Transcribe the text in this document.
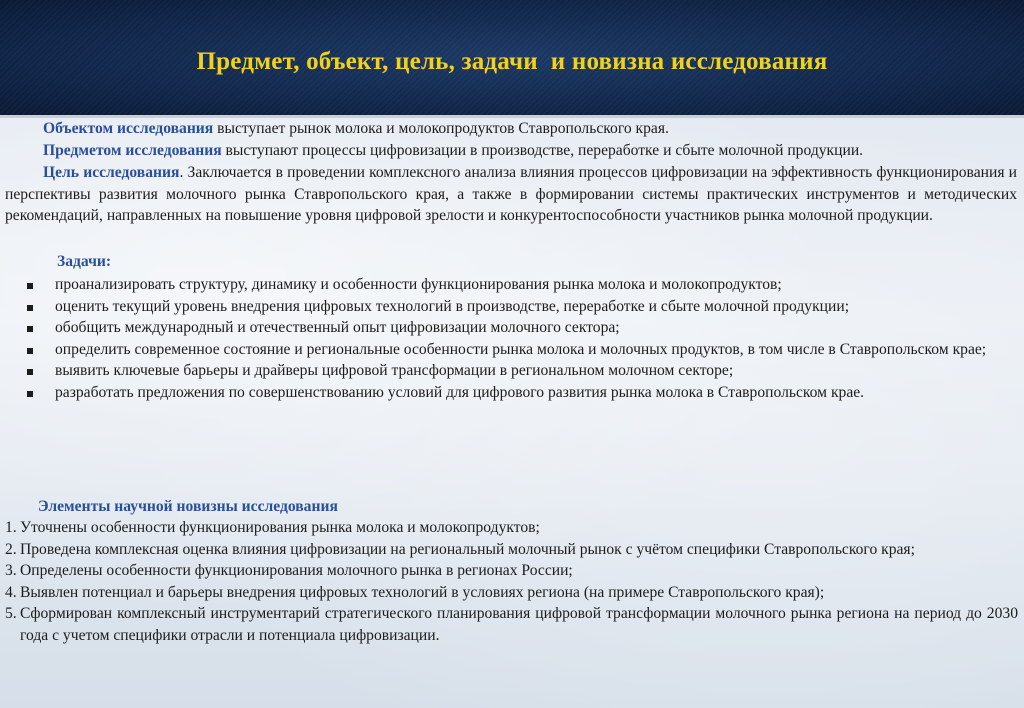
Предмет, объект, цель, задачи  и новизна исследования
Объектом исследования выступает рынок молока и молокопродуктов Ставропольского края.
Предметом исследования выступают процессы цифровизации в производстве, переработке и сбыте молочной продукции.
Цель исследования. Заключается в проведении комплексного анализа влияния процессов цифровизации на эффективность функционирования и перспективы развития молочного рынка Ставропольского края, а также в формировании системы практических инструментов и методических рекомендаций, направленных на повышение уровня цифровой зрелости и конкурентоспособности участников рынка молочной продукции.
Задачи:
проанализировать структуру, динамику и особенности функционирования рынка молока и молокопродуктов;
оценить текущий уровень внедрения цифровых технологий в производстве, переработке и сбыте молочной продукции;
обобщить международный и отечественный опыт цифровизации молочного сектора;
определить современное состояние и региональные особенности рынка молока и молочных продуктов, в том числе в Ставропольском крае;
выявить ключевые барьеры и драйверы цифровой трансформации в региональном молочном секторе;
разработать предложения по совершенствованию условий для цифрового развития рынка молока в Ставропольском крае.
Элементы научной новизны исследования
1. Уточнены особенности функционирования рынка молока и молокопродуктов;
2. Проведена комплексная оценка влияния цифровизации на региональный молочный рынок с учётом специфики Ставропольского края;
3. Определены особенности функционирования молочного рынка в регионах России;
4. Выявлен потенциал и барьеры внедрения цифровых технологий в условиях региона (на примере Ставропольского края);
5. Сформирован комплексный инструментарий стратегического планирования цифровой трансформации молочного рынка региона на период до 2030 года с учетом специфики отрасли и потенциала цифровизации.
